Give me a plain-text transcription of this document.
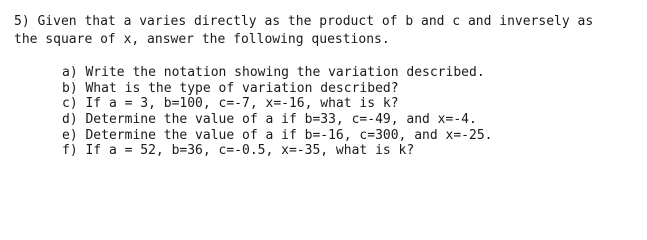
5) Given that a varies directly as the product of b and c and inversely as
the square of x, answer the following questions.
a) Write the notation showing the variation described.
b) What is the type of variation described?
c) If a = 3, b=100, c=-7, x=-16, what is k?
d) Determine the value of a if b=33, c=-49, and x=-4.
e) Determine the value of a if b=-16, c=300, and x=-25.
f) If a = 52, b=36, c=-0.5, x=-35, what is k?
